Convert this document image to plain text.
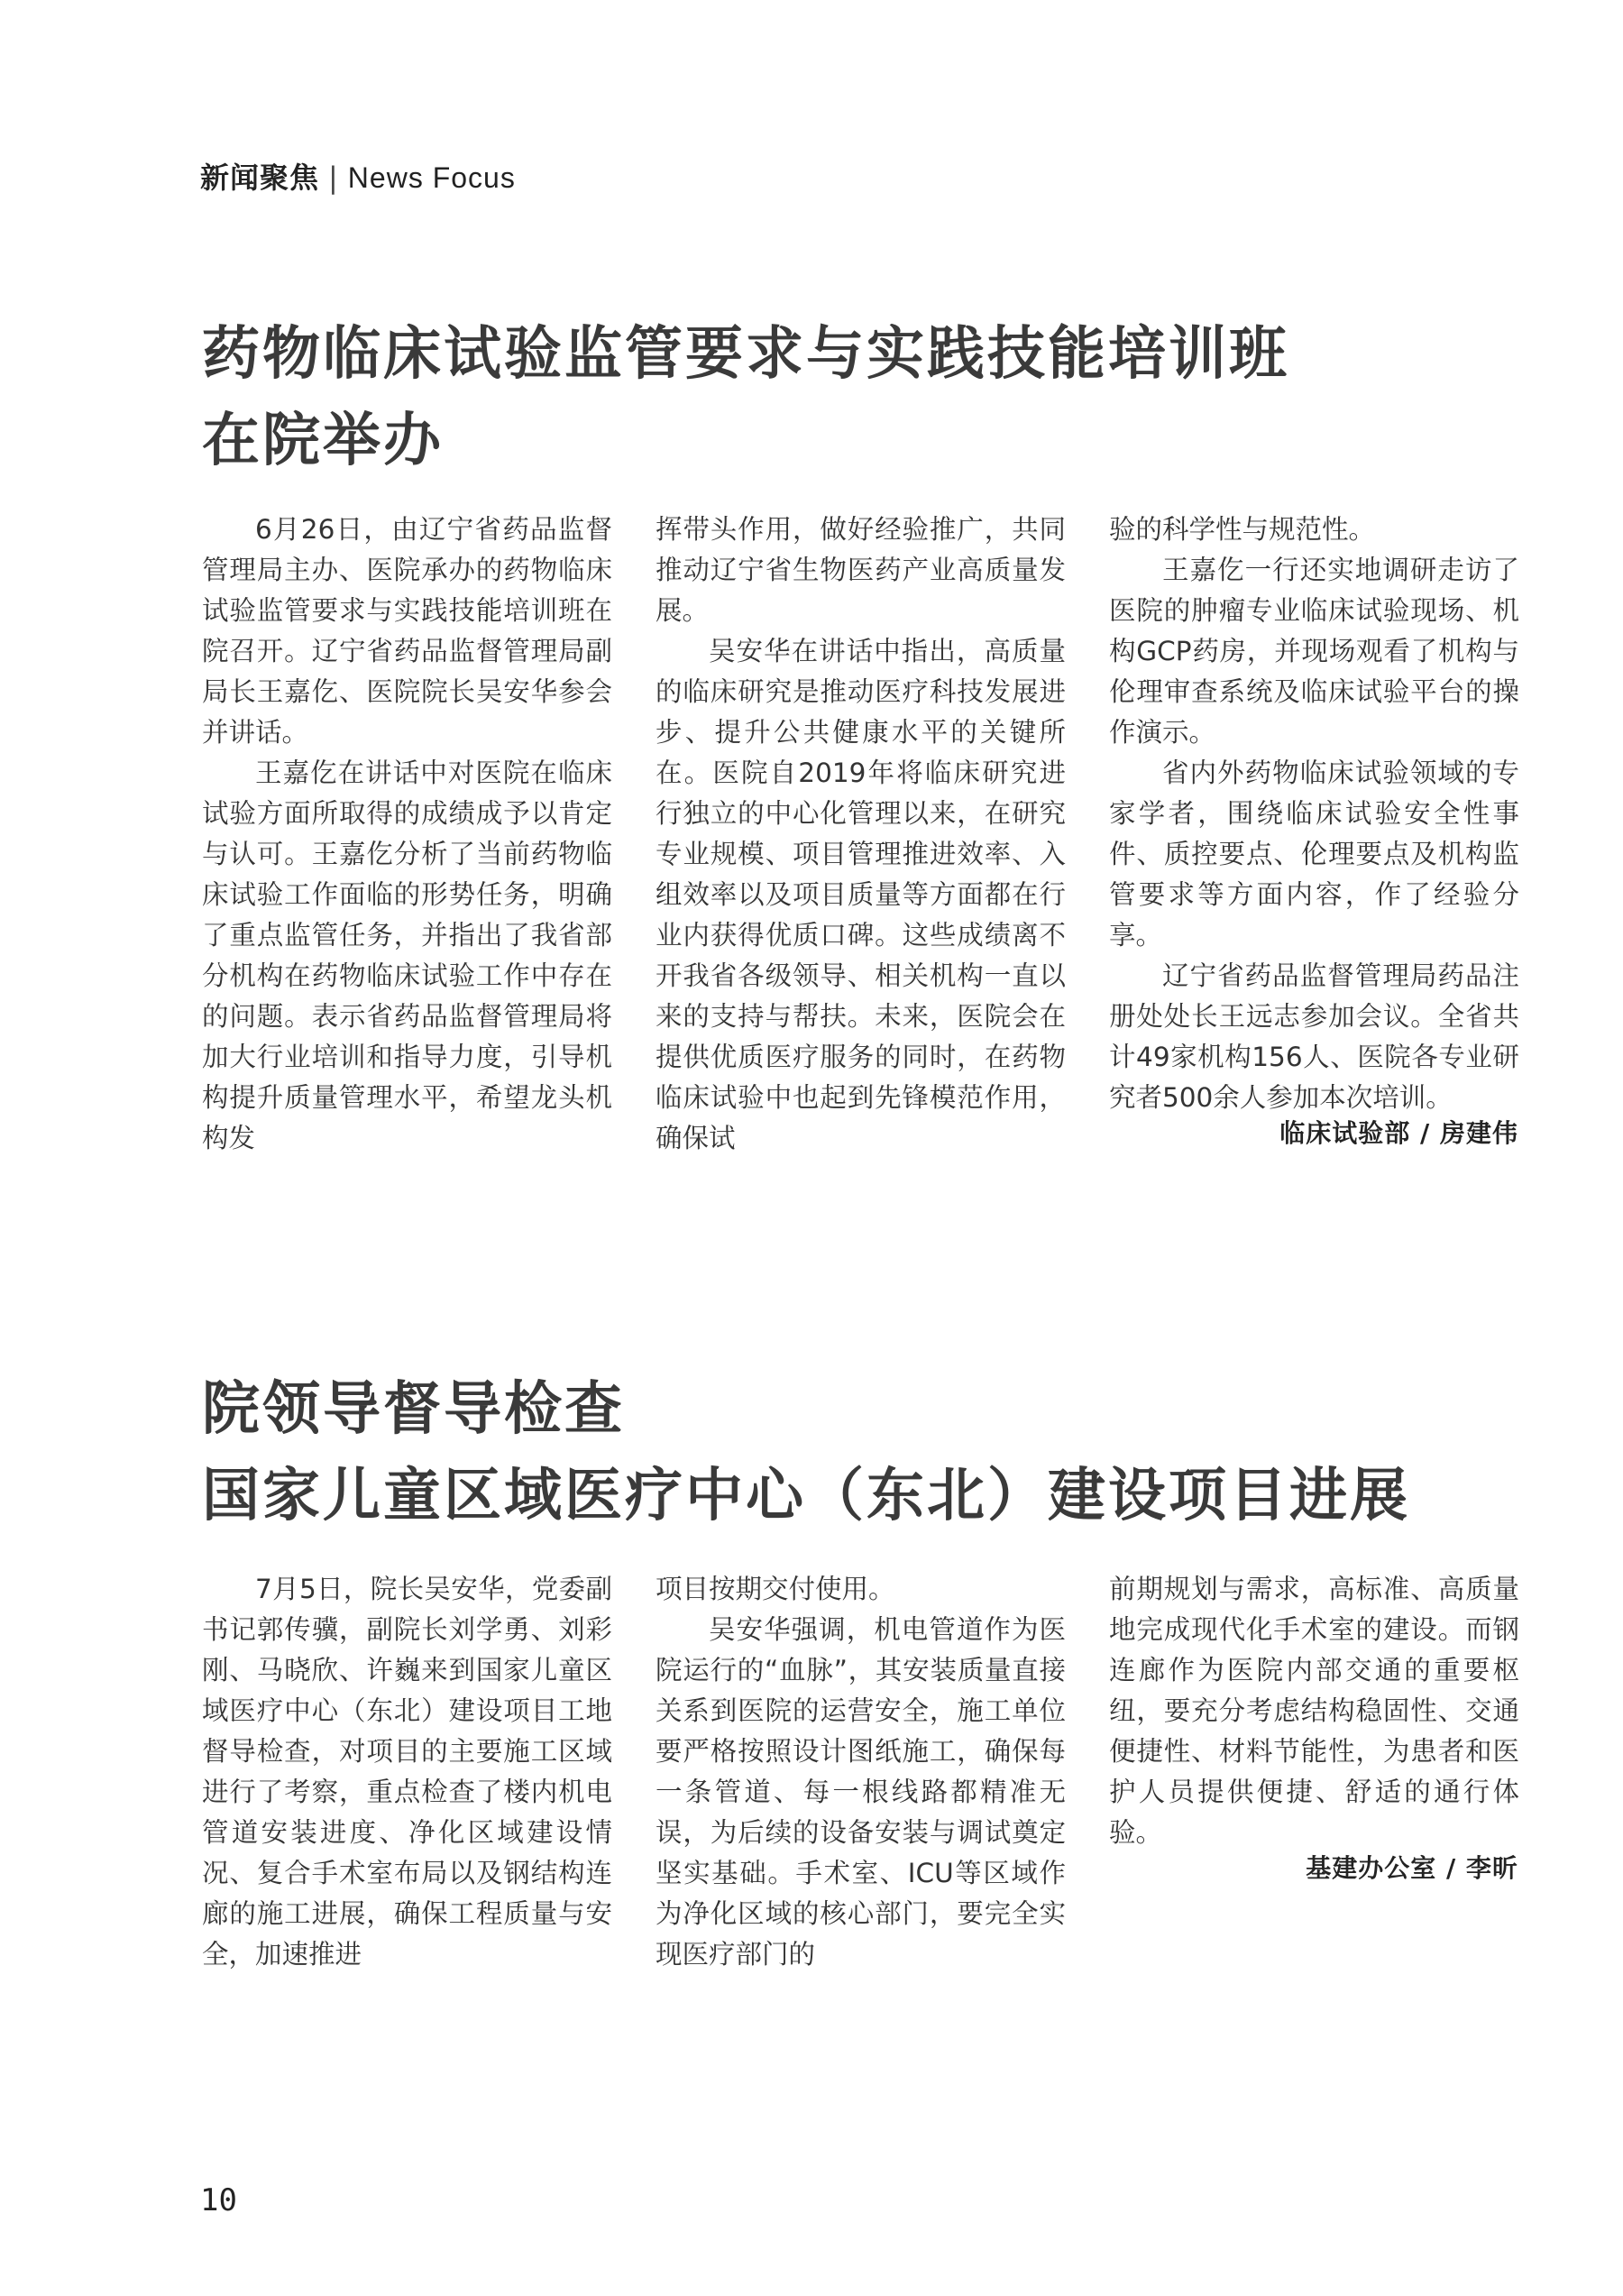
新闻聚焦 | News Focus
药物临床试验监管要求与实践技能培训班
在院举办

6月26日，由辽宁省药品监督管理局主办、医院承办的药物临床试验监管要求与实践技能培训班在院召开。辽宁省药品监督管理局副局长王嘉仡、医院院长吴安华参会并讲话。

王嘉仡在讲话中对医院在临床试验方面所取得的成绩成予以肯定与认可。王嘉仡分析了当前药物临床试验工作面临的形势任务，明确了重点监管任务，并指出了我省部分机构在药物临床试验工作中存在的问题。表示省药品监督管理局将加大行业培训和指导力度，引导机构提升质量管理水平，希望龙头机构发

挥带头作用，做好经验推广，共同推动辽宁省生物医药产业高质量发展。

吴安华在讲话中指出，高质量的临床研究是推动医疗科技发展进步、提升公共健康水平的关键所在。医院自2019年将临床研究进行独立的中心化管理以来，在研究专业规模、项目管理推进效率、入组效率以及项目质量等方面都在行业内获得优质口碑。这些成绩离不开我省各级领导、相关机构一直以来的支持与帮扶。未来，医院会在提供优质医疗服务的同时，在药物临床试验中也起到先锋模范作用，确保试

验的科学性与规范性。

王嘉仡一行还实地调研走访了医院的肿瘤专业临床试验现场、机构GCP药房，并现场观看了机构与伦理审查系统及临床试验平台的操作演示。

省内外药物临床试验领域的专家学者，围绕临床试验安全性事件、质控要点、伦理要点及机构监管要求等方面内容，作了经验分享。

辽宁省药品监督管理局药品注册处处长王远志参加会议。全省共计49家机构156人、医院各专业研究者500余人参加本次培训。

临床试验部 / 房建伟
院领导督导检查
国家儿童区域医疗中心（东北）建设项目进展

7月5日，院长吴安华，党委副书记郭传骥，副院长刘学勇、刘彩刚、马晓欣、许巍来到国家儿童区域医疗中心（东北）建设项目工地督导检查，对项目的主要施工区域进行了考察，重点检查了楼内机电管道安装进度、净化区域建设情况、复合手术室布局以及钢结构连廊的施工进展，确保工程质量与安全，加速推进

项目按期交付使用。

吴安华强调，机电管道作为医院运行的“血脉”，其安装质量直接关系到医院的运营安全，施工单位要严格按照设计图纸施工，确保每一条管道、每一根线路都精准无误，为后续的设备安装与调试奠定坚实基础。手术室、ICU等区域作为净化区域的核心部门，要完全实现医疗部门的

前期规划与需求，高标准、高质量地完成现代化手术室的建设。而钢连廊作为医院内部交通的重要枢纽，要充分考虑结构稳固性、交通便捷性、材料节能性，为患者和医护人员提供便捷、舒适的通行体验。

基建办公室 / 李昕
10
